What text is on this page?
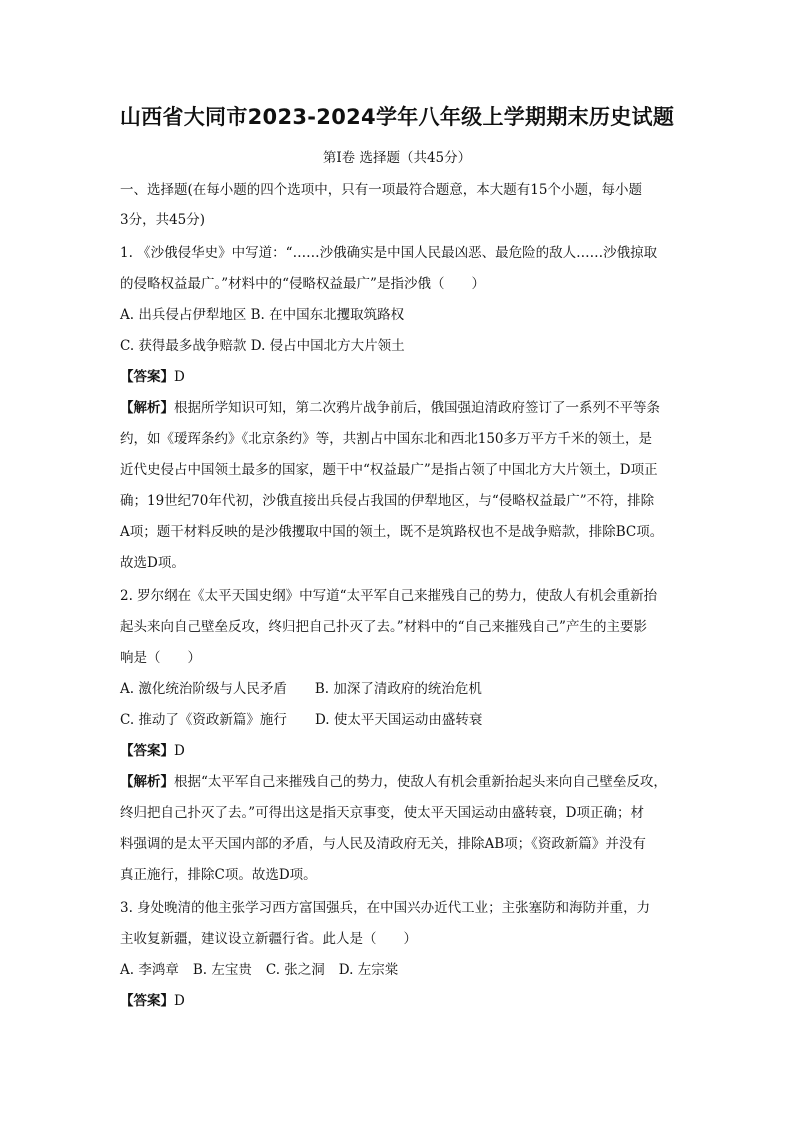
山西省大同市2023-2024学年八年级上学期期末历史试题
第Ⅰ卷 选择题（共45分）
一、选择题(在每小题的四个选项中，只有一项最符合题意，本大题有15个小题，每小题
3分，共45分)
1. 《沙俄侵华史》中写道：“……沙俄确实是中国人民最凶恶、最危险的敌人……沙俄掠取
的侵略权益最广。”材料中的“侵略权益最广”是指沙俄（　　）
A. 出兵侵占伊犁地区 B. 在中国东北攫取筑路权
C. 获得最多战争赔款 D. 侵占中国北方大片领土
【答案】D
【解析】根据所学知识可知，第二次鸦片战争前后，俄国强迫清政府签订了一系列不平等条
约，如《瑷珲条约》《北京条约》等，共割占中国东北和西北150多万平方千米的领土，是
近代史侵占中国领土最多的国家，题干中“权益最广”是指占领了中国北方大片领土，D项正
确；19世纪70年代初，沙俄直接出兵侵占我国的伊犁地区，与“侵略权益最广”不符，排除
A项；题干材料反映的是沙俄攫取中国的领土，既不是筑路权也不是战争赔款，排除BC项。
故选D项。
2. 罗尔纲在《太平天国史纲》中写道“太平军自己来摧残自己的势力，使敌人有机会重新抬
起头来向自己壁垒反攻，终归把自己扑灭了去。”材料中的“自己来摧残自己”产生的主要影
响是（　　）
A. 激化统治阶级与人民矛盾 B. 加深了清政府的统治危机
C. 推动了《资政新篇》施行 D. 使太平天国运动由盛转衰
【答案】D
【解析】根据“太平军自己来摧残自己的势力，使敌人有机会重新抬起头来向自己壁垒反攻，
终归把自己扑灭了去。”可得出这是指天京事变，使太平天国运动由盛转衰，D项正确；材
料强调的是太平天国内部的矛盾，与人民及清政府无关，排除AB项；《资政新篇》并没有
真正施行，排除C项。故选D项。
3. 身处晚清的他主张学习西方富国强兵，在中国兴办近代工业；主张塞防和海防并重，力
主收复新疆，建议设立新疆行省。此人是（　　）
A. 李鸿章 B. 左宝贵 C. 张之洞 D. 左宗棠
【答案】D
